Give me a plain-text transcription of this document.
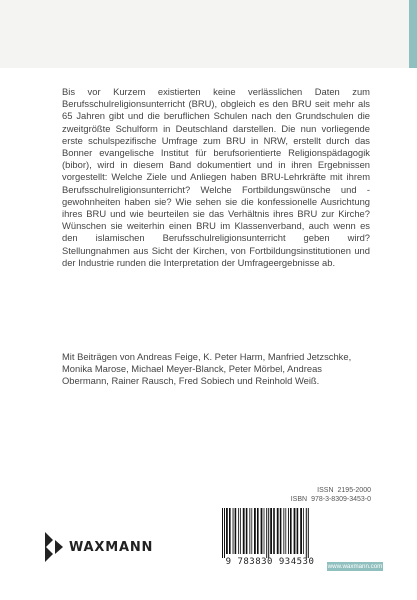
Bis vor Kurzem existierten keine verlässlichen Daten zum Berufsschulreligionsunterricht (BRU), obgleich es den BRU seit mehr als 65 Jahren gibt und die beruflichen Schulen nach den Grundschulen die zweitgrößte Schulform in Deutschland darstellen. Die nun vorliegende erste schulspezifische Umfrage zum BRU in NRW, erstellt durch das Bonner evangelische Institut für berufsorientierte Religionspädagogik (bibor), wird in diesem Band dokumentiert und in ihren Ergebnissen vorgestellt: Welche Ziele und Anliegen haben BRU-Lehrkräfte mit ihrem Berufsschulreligionsunterricht? Welche Fortbildungswünsche und -gewohnheiten haben sie? Wie sehen sie die konfessionelle Ausrichtung ihres BRU und wie beurteilen sie das Verhältnis ihres BRU zur Kirche? Wünschen sie weiterhin einen BRU im Klassenverband, auch wenn es den islamischen Berufsschulreligionsunterricht geben wird? Stellungnahmen aus Sicht der Kirchen, von Fortbildungsinstitutionen und der Industrie runden die Interpretation der Umfrageergebnisse ab.

Mit Beiträgen von Andreas Feige, K. Peter Harm, Manfried Jetzschke, Monika Marose, Michael Meyer-Blanck, Peter Mörbel, Andreas Obermann, Rainer Rausch, Fred Sobiech und Reinhold Weiß.

ISSN 2195-2000
ISBN 978-3-8309-3453-0
WAXMANN
9 783830 934530	www.waxmann.com
